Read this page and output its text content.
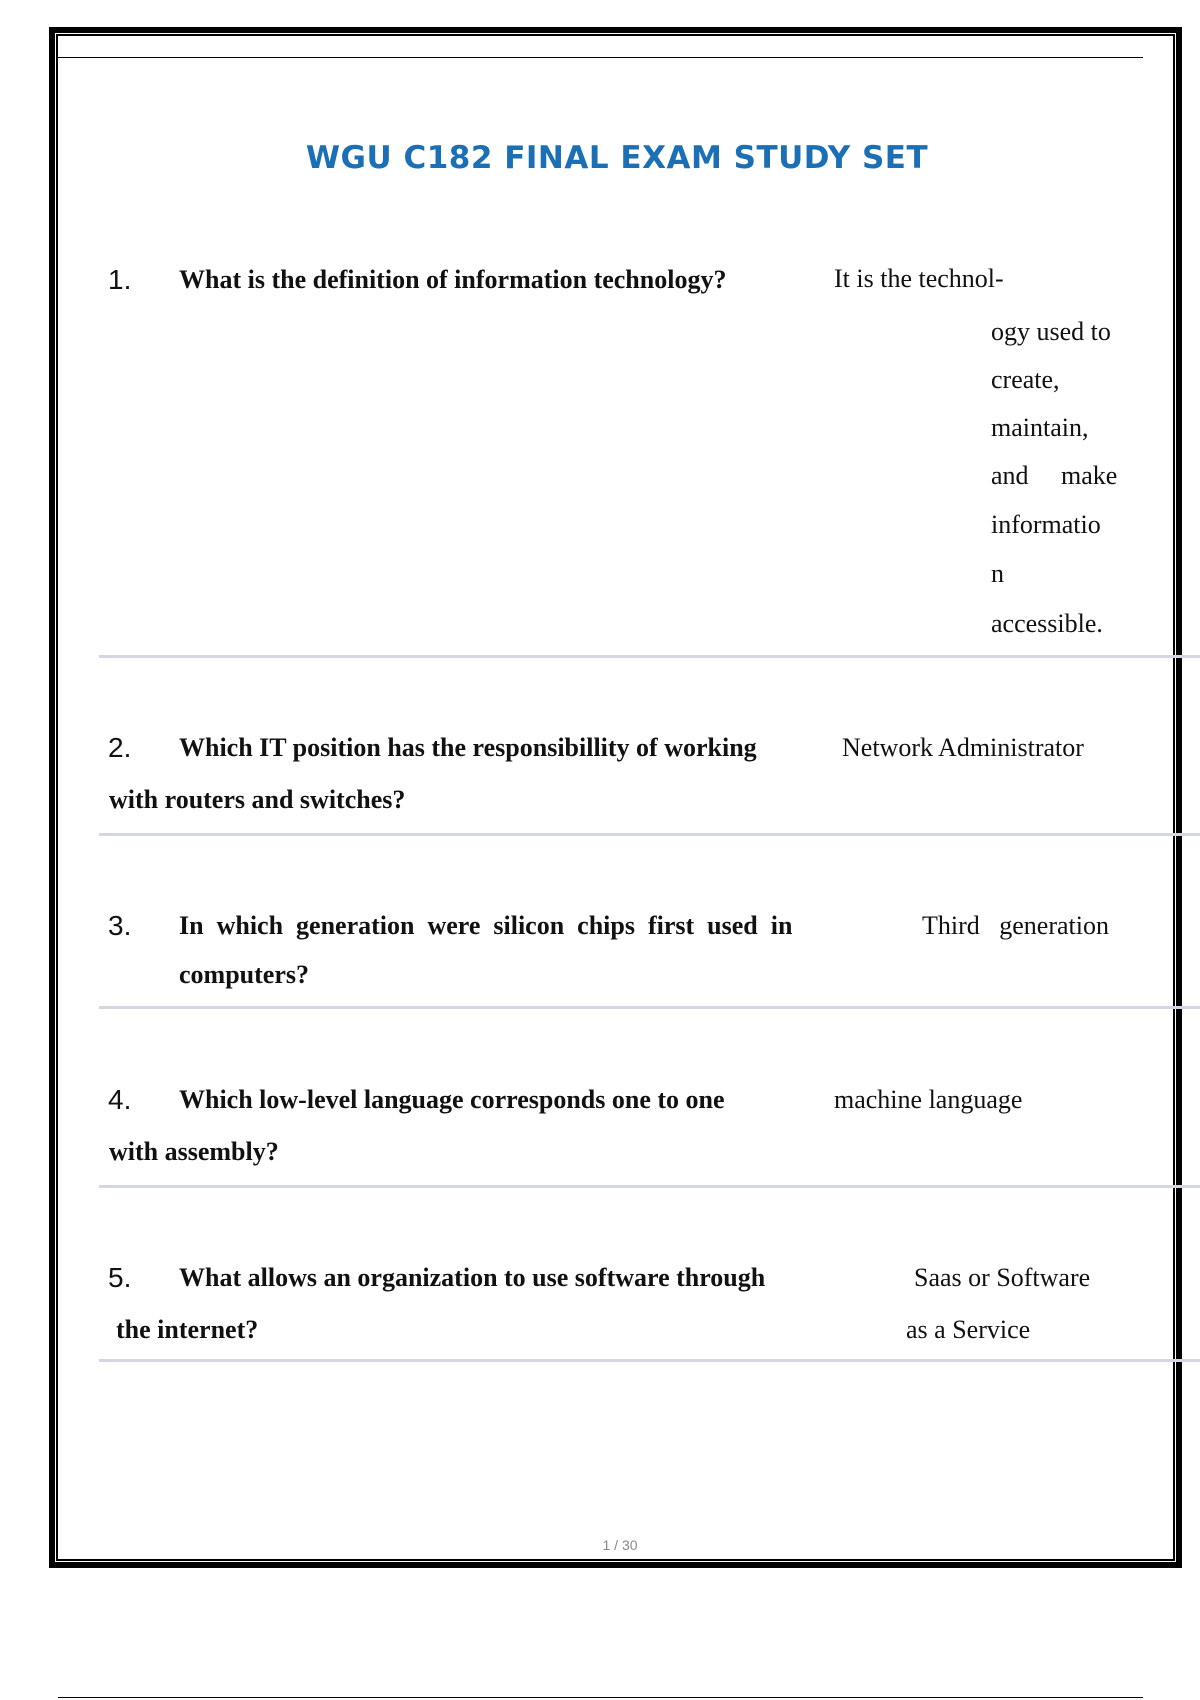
WGU C182 FINAL EXAM STUDY SET
1. What is the definition of information technology?	It is the technol-
ogy used to
create,
maintain,
and     make
informatio
n
accessible.
2. Which IT position has the responsibillity of working
with routers and switches?
Network Administrator
3. In  which  generation  were  silicon  chips  first  used  in
computers?
Third   generation
4. Which low-level language corresponds one to one
with assembly?
machine language
5. What allows an organization to use software through
the internet?
Saas or Software
as a Service
1 / 30
